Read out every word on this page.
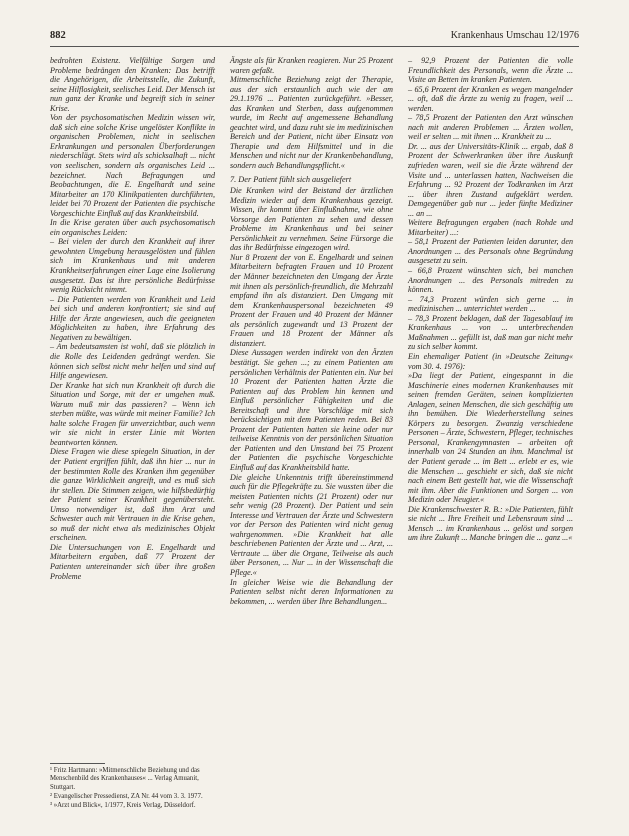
882	Krankenhaus Umschau 12/1976

bedrohten Existenz. Vielfältige Sorgen und Probleme bedrängen den Kranken: Das betrifft die Angehörigen, die Arbeitsstelle, die Zukunft, seine Hilflosigkeit, seelisches Leid. Der Mensch ist nun ganz der Kranke und begreift sich in seiner Krise.

Von der psychosomatischen Medizin wissen wir, daß sich eine solche Krise ungelöster Konflikte in organischen Problemen, nicht in seelischen Erkrankungen und personalen Überforderungen niederschlägt. Stets wird als schicksalhaft ... nicht von seelischen, sondern als organisches Leid ... bezeichnet. Nach Befragungen und Beobachtungen, die E. Engelhardt und seine Mitarbeiter an 170 Klinikpatienten durchführten, leidet bei 70 Prozent der Patienten die psychische Vorgeschichte Einfluß auf das Krankheitsbild.

In die Krise geraten über auch psychosomatisch ein organisches Leiden:

– Bei vielen der durch den Krankheit auf ihrer gewohnten Umgebung herausgelösten und fühlen sich im Krankenhaus und mit anderen Krankheitserfahrungen einer Lage eine Isolierung ausgesetzt. Das ist ihre persönliche Bedürfnisse wenig Rücksicht nimmt.

– Die Patienten werden von Krankheit und Leid bei sich und anderen konfrontiert; sie sind auf Hilfe der Ärzte angewiesen, auch die geeigneten Möglichkeiten zu haben, ihre Erfahrung des Negativen zu bewältigen.

– Am bedeutsamsten ist wohl, daß sie plötzlich in die Rolle des Leidenden gedrängt werden. Sie können sich selbst nicht mehr helfen und sind auf Hilfe angewiesen.

Der Kranke hat sich nun Krankheit oft durch die Situation und Sorge, mit der er umgehen muß. Warum muß mir das passieren? – Wenn ich sterben müßte, was würde mit meiner Familie? Ich halte solche Fragen für unverzichtbar, auch wenn wir sie nicht in erster Linie mit Worten beantworten können.

Diese Fragen wie diese spiegeln Situation, in der der Patient ergriffen fühlt, daß ihn hier ... nur in der bestimmten Rolle des Kranken ihm gegenüber die ganze Wirklichkeit angreift, und es muß sich ihr stellen. Die Stimmen zeigen, wie hilfsbedürftig der Patient seiner Krankheit gegenübersteht. Umso notwendiger ist, daß ihm Arzt und Schwester auch mit Vertrauen in die Krise gehen, so muß der nicht etwa als medizinisches Objekt erscheinen.

Die Untersuchungen von E. Engelhardt und Mitarbeitern ergaben, daß 77 Prozent der Patienten untereinander sich über ihre großen Probleme

Ängste als für Kranken reagieren. Nur 25 Prozent waren gefaßt.

Mitmenschliche Beziehung zeigt der Therapie, aus der sich erstaunlich auch wie der am 29.1.1976 ... Patienten zurückgeführt. »Besser, das Kranken und Sterben, dass aufgenommen wurde, im Recht auf angemessene Behandlung geachtet wird, und dazu ruht sie im medizinischen Bereich und der Patient, nicht über Einsatz von Therapie und dem Hilfsmittel und in die Menschen und nicht nur der Krankenbehandlung, sondern auch Behandlungspflicht.«

7. Der Patient fühlt sich ausgeliefert

Die Kranken wird der Beistand der ärztlichen Medizin wieder auf dem Krankenhaus gezeigt. Wissen, ihr kommt über Einflußnahme, wie ohne Vorsorge den Patienten zu sehen und dessen Probleme im Krankenhaus und bei seiner Persönlichkeit zu vernehmen. Seine Fürsorge die das ihr Bedürfnisse eingezogen wird.

Nur 8 Prozent der von E. Engelhardt und seinen Mitarbeitern befragten Frauen und 10 Prozent der Männer bezeichneten den Umgang der Ärzte mit ihnen als persönlich-freundlich, die Mehrzahl empfand ihn als distanziert. Den Umgang mit dem Krankenhauspersonal bezeichneten 49 Prozent der Frauen und 40 Prozent der Männer als persönlich zugewandt und 13 Prozent der Frauen und 18 Prozent der Männer als distanziert.

Diese Aussagen werden indirekt von den Ärzten bestätigt. Sie gehen ...; zu einem Patienten am persönlichen Verhältnis der Patienten ein. Nur bei 10 Prozent der Patienten hatten Ärzte die Patienten auf das Problem hin kennen und Einfluß persönlicher Fähigkeiten und die Bereitschaft und ihre Vorschläge mit sich berücksichtigen mit dem Patienten reden. Bei 83 Prozent der Patienten hatten sie keine oder nur teilweise Kenntnis von der persönlichen Situation der Patienten und den Umstand bei 75 Prozent der Patienten die psychische Vorgeschichte Einfluß auf das Krankheitsbild hatte.

Die gleiche Unkenntnis trifft übereinstimmend auch für die Pflegekräfte zu. Sie wussten über die meisten Patienten nichts (21 Prozent) oder nur sehr wenig (28 Prozent). Der Patient und sein Interesse und Vertrauen der Ärzte und Schwestern vor der Person des Patienten wird nicht genug wahrgenommen. »Die Krankheit hat alle beschriebenen Patienten der Ärzte und ... Arzt, ... Vertraute ... über die Organe, Teilweise als auch über Personen, ... Nur ... in der Wissenschaft die Pflege.«

In gleicher Weise wie die Behandlung der Patienten selbst nicht deren Informationen zu bekommen, ... werden über Ihre Behandlungen...

– 92,9 Prozent der Patienten die volle Freundlichkeit des Personals, wenn die Ärzte ... Visite an Betten im kranken Patienten.

– 65,6 Prozent der Kranken es wegen mangelnder ... oft, daß die Ärzte zu wenig zu fragen, weil ... werden.

– 78,5 Prozent der Patienten den Arzt wünschen nach mit anderen Problemen ... Ärzten wollen, weil er selten ... mit ihnen ... Krankheit zu ...

Dr. ... aus der Universitäts-Klinik ... ergab, daß 8 Prozent der Schwerkranken über ihre Auskunft zufrieden waren, weil sie die Ärzte während der Visite und ... unterlassen hatten, Nachweisen die Erfahrung ... 92 Prozent der Todkranken im Arzt ... über ihren Zustand aufgeklärt werden. Demgegenüber gab nur ... jeder fünfte Mediziner ... an ...

Weitere Befragungen ergaben (nach Rohde und Mitarbeiter) ...:

– 58,1 Prozent der Patienten leiden darunter, den Anordnungen ... des Personals ohne Begründung ausgesetzt zu sein.

– 66,8 Prozent wünschten sich, bei manchen Anordnungen ... des Personals mitreden zu können.

– 74,3 Prozent würden sich gerne ... in medizinischen ... unterrichtet werden ...

– 78,3 Prozent beklagen, daß der Tagesablauf im Krankenhaus ... von ... unterbrechenden Maßnahmen ... gefüllt ist, daß man gar nicht mehr zu sich selber kommt.

Ein ehemaliger Patient (in »Deutsche Zeitung« vom 30. 4. 1976):

»Da liegt der Patient, eingespannt in die Maschinerie eines modernen Krankenhauses mit seinen fremden Geräten, seinen komplizierten Anlagen, seinen Menschen, die sich geschäftig um ihn bemühen. Die Wiederherstellung seines Körpers zu besorgen. Zwanzig verschiedene Personen – Ärzte, Schwestern, Pfleger, technisches Personal, Krankengymnasten – arbeiten oft innerhalb von 24 Stunden an ihm. Manchmal ist der Patient gerade ... im Bett ... erlebt er es, wie die Menschen ... geschieht er sich, daß sie nicht nach einem Bett gestellt hat, wie die Wissenschaft mit ihm. Aber die Funktionen und Sorgen ... von Medizin oder Neugier.«

Die Krankenschwester R. B.: »Die Patienten, fühlt sie nicht ... Ihre Freiheit und Lebensraum sind ... Mensch ... im Krankenhaus ... gelöst und sorgen um ihre Zukunft ... Manche bringen die ... ganz ...«

¹ Fritz Hartmann: »Mitmenschliche Beziehung und das Menschenbild des Krankenhauses« ... Verlag Amuanit, Stuttgart.

² Evangelischer Pressedienst, ZA Nr. 44 vom 3. 3. 1977.

³ »Arzt und Blick«, 1/1977, Kreis Verlag, Düsseldorf.
